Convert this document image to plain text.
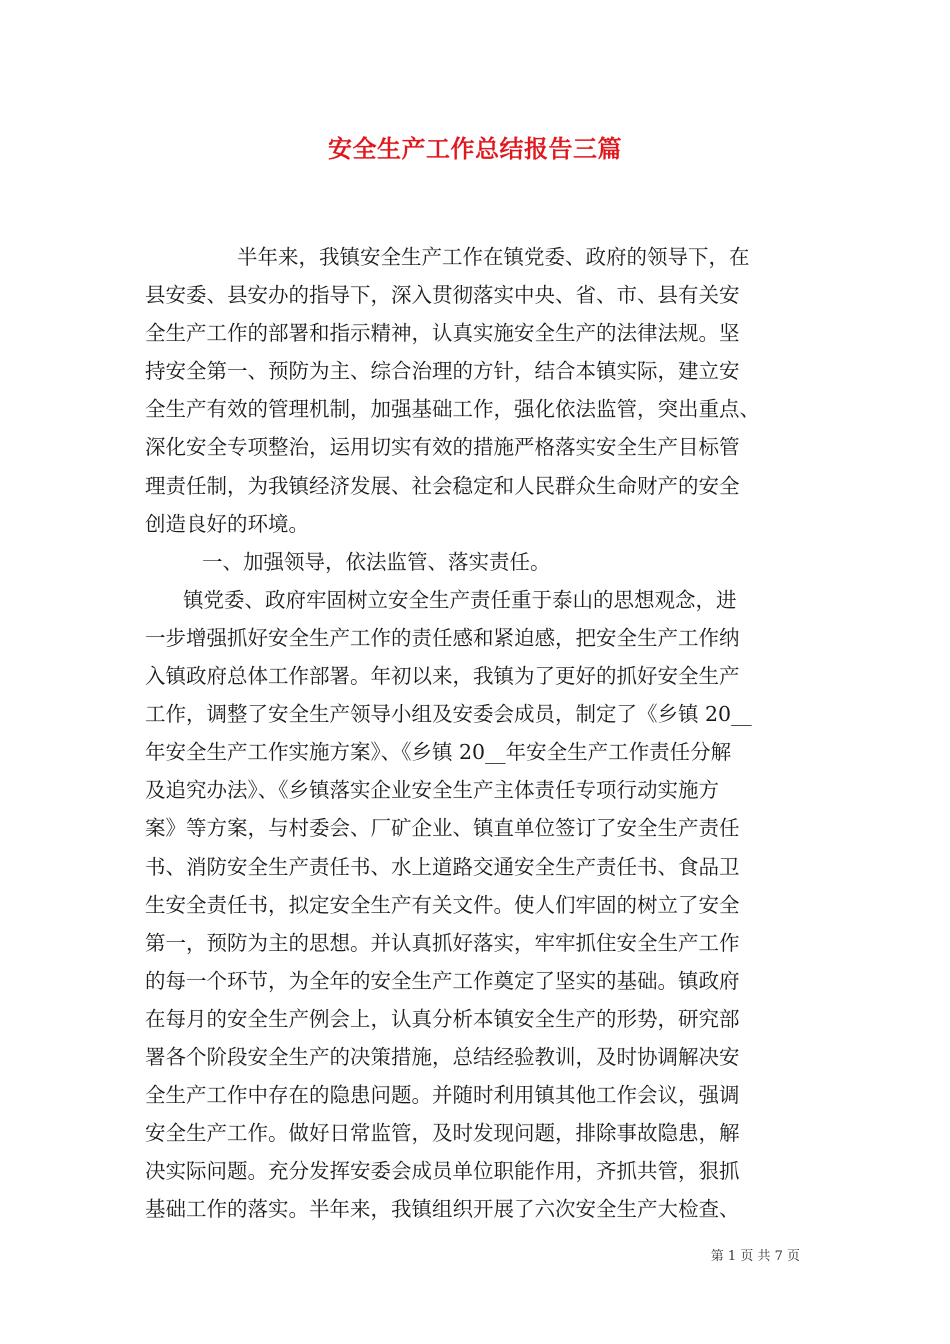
安全生产工作总结报告三篇
半年来，我镇安全生产工作在镇党委、政府的领导下，在
县安委、县安办的指导下，深入贯彻落实中央、省、市、县有关安
全生产工作的部署和指示精神，认真实施安全生产的法律法规。坚
持安全第一、预防为主、综合治理的方针，结合本镇实际，建立安
全生产有效的管理机制，加强基础工作，强化依法监管，突出重点、
深化安全专项整治，运用切实有效的措施严格落实安全生产目标管
理责任制，为我镇经济发展、社会稳定和人民群众生命财产的安全
创造良好的环境。
一、加强领导，依法监管、落实责任。
镇党委、政府牢固树立安全生产责任重于泰山的思想观念，进
一步增强抓好安全生产工作的责任感和紧迫感，把安全生产工作纳
入镇政府总体工作部署。年初以来，我镇为了更好的抓好安全生产
工作，调整了安全生产领导小组及安委会成员，制定了《乡镇 20__
年安全生产工作实施方案》、《乡镇 20__年安全生产工作责任分解
及追究办法》、《乡镇落实企业安全生产主体责任专项行动实施方
案》等方案，与村委会、厂矿企业、镇直单位签订了安全生产责任
书、消防安全生产责任书、水上道路交通安全生产责任书、食品卫
生安全责任书，拟定安全生产有关文件。使人们牢固的树立了安全
第一，预防为主的思想。并认真抓好落实，牢牢抓住安全生产工作
的每一个环节，为全年的安全生产工作奠定了坚实的基础。镇政府
在每月的安全生产例会上，认真分析本镇安全生产的形势，研究部
署各个阶段安全生产的决策措施，总结经验教训，及时协调解决安
全生产工作中存在的隐患问题。并随时利用镇其他工作会议，强调
安全生产工作。做好日常监管，及时发现问题，排除事故隐患，解
决实际问题。充分发挥安委会成员单位职能作用，齐抓共管，狠抓
基础工作的落实。半年来，我镇组织开展了六次安全生产大检查、
第 1 页 共 7 页
